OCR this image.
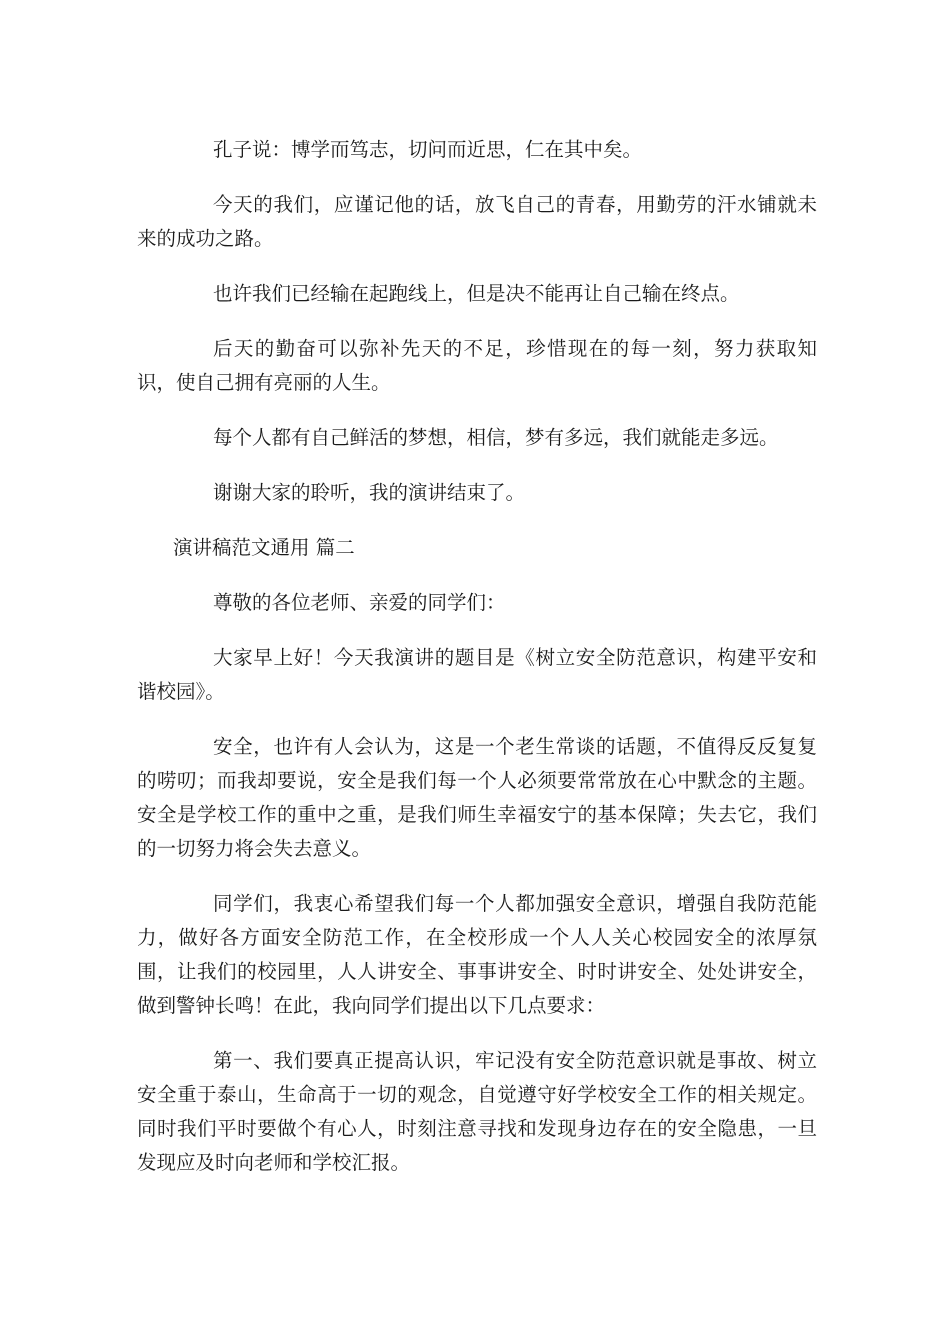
孔子说：博学而笃志，切问而近思，仁在其中矣。

今天的我们，应谨记他的话，放飞自己的青春，用勤劳的汗水铺就未来的成功之路。

也许我们已经输在起跑线上，但是决不能再让自己输在终点。

后天的勤奋可以弥补先天的不足，珍惜现在的每一刻，努力获取知识，使自己拥有亮丽的人生。

每个人都有自己鲜活的梦想，相信，梦有多远，我们就能走多远。

谢谢大家的聆听，我的演讲结束了。

演讲稿范文通用 篇二

尊敬的各位老师、亲爱的同学们：

大家早上好！今天我演讲的题目是《树立安全防范意识，构建平安和谐校园》。

安全，也许有人会认为，这是一个老生常谈的话题，不值得反反复复的唠叨；而我却要说，安全是我们每一个人必须要常常放在心中默念的主题。安全是学校工作的重中之重，是我们师生幸福安宁的基本保障；失去它，我们的一切努力将会失去意义。

同学们，我衷心希望我们每一个人都加强安全意识，增强自我防范能力，做好各方面安全防范工作，在全校形成一个人人关心校园安全的浓厚氛围，让我们的校园里，人人讲安全、事事讲安全、时时讲安全、处处讲安全，做到警钟长鸣！在此，我向同学们提出以下几点要求：

第一、我们要真正提高认识，牢记没有安全防范意识就是事故、树立安全重于泰山，生命高于一切的观念，自觉遵守好学校安全工作的相关规定。同时我们平时要做个有心人，时刻注意寻找和发现身边存在的安全隐患，一旦发现应及时向老师和学校汇报。
